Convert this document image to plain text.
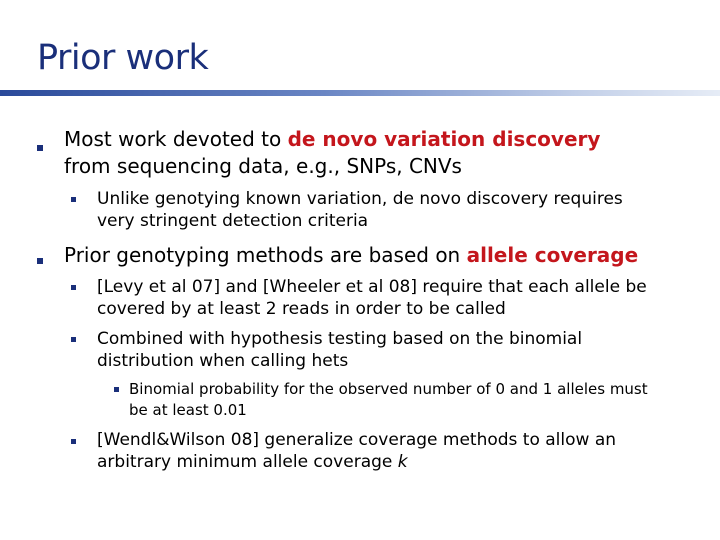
Prior work
Most work devoted to de novo variation discovery
from sequencing data, e.g., SNPs, CNVs
Unlike genotying known variation, de novo discovery requires
very stringent detection criteria
Prior genotyping methods are based on allele coverage
[Levy et al 07] and [Wheeler et al 08] require that each allele be
covered by at least 2 reads in order to be called
Combined with hypothesis testing based on the binomial
distribution when calling hets
Binomial probability for the observed number of 0 and 1 alleles must
be at least 0.01
[Wendl&Wilson 08] generalize coverage methods to allow an
arbitrary minimum allele coverage k
